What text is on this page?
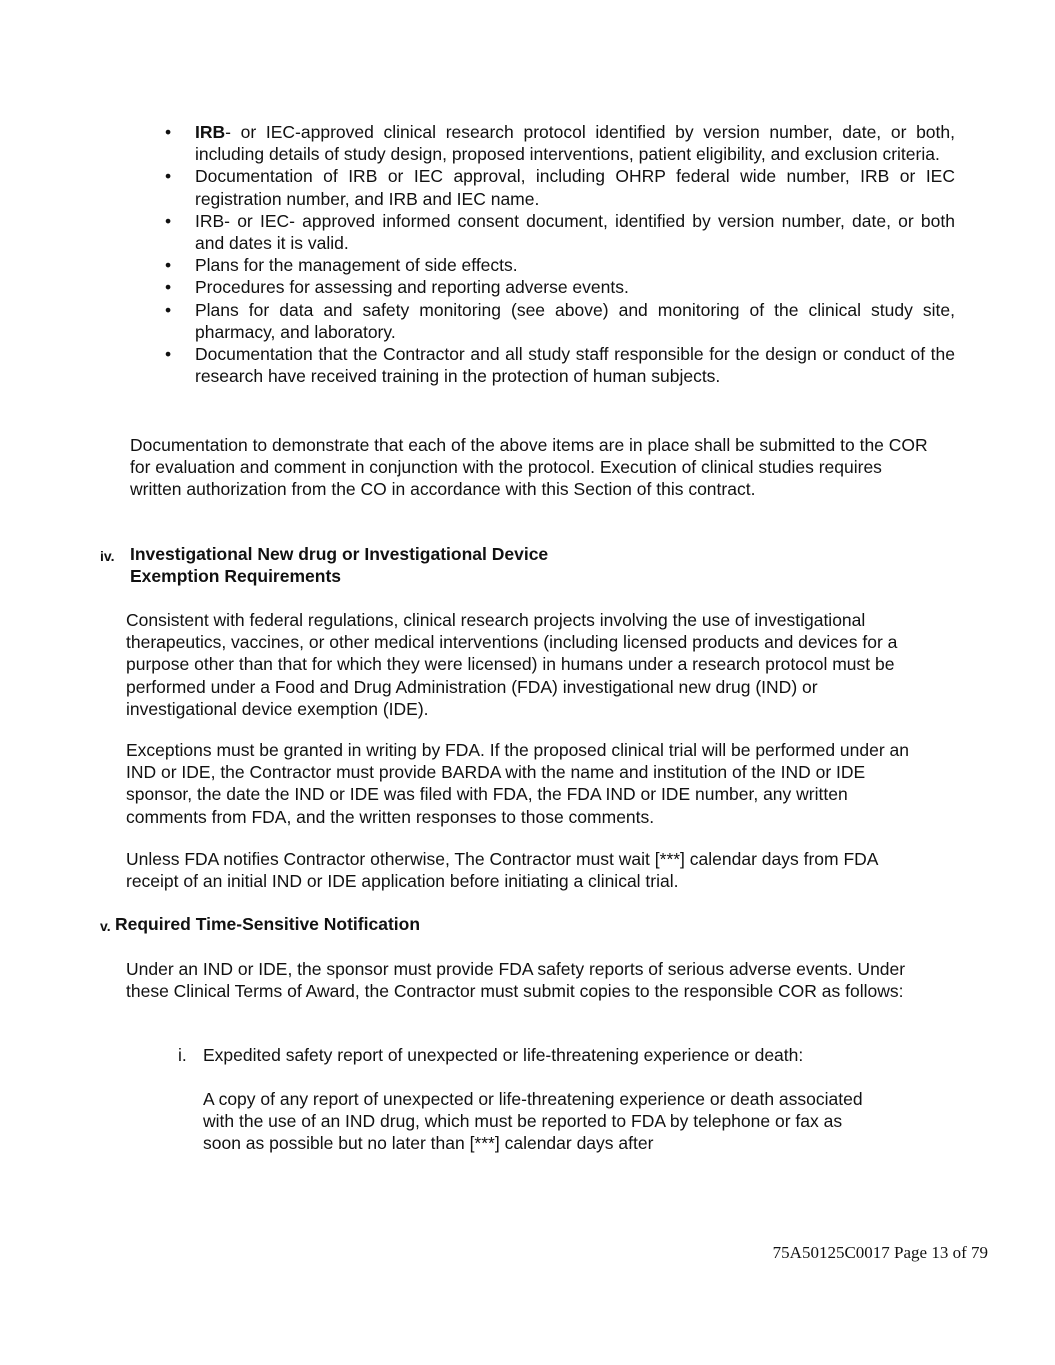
• IRB- or IEC-approved clinical research protocol identified by version number, date, or both, including details of study design, proposed interventions, patient eligibility, and exclusion criteria.
• Documentation of IRB or IEC approval, including OHRP federal wide number, IRB or IEC registration number, and IRB and IEC name.
• IRB- or IEC- approved informed consent document, identified by version number, date, or both and dates it is valid.
• Plans for the management of side effects.
• Procedures for assessing and reporting adverse events.
• Plans for data and safety monitoring (see above) and monitoring of the clinical study site, pharmacy, and laboratory.
• Documentation that the Contractor and all study staff responsible for the design or conduct of the research have received training in the protection of human subjects.

Documentation to demonstrate that each of the above items are in place shall be submitted to the COR for evaluation and comment in conjunction with the protocol. Execution of clinical studies requires written authorization from the CO in accordance with this Section of this contract.

iv. Investigational New drug or Investigational Device
Exemption Requirements

Consistent with federal regulations, clinical research projects involving the use of investigational therapeutics, vaccines, or other medical interventions (including licensed products and devices for a purpose other than that for which they were licensed) in humans under a research protocol must be performed under a Food and Drug Administration (FDA) investigational new drug (IND) or investigational device exemption (IDE).

Exceptions must be granted in writing by FDA. If the proposed clinical trial will be performed under an IND or IDE, the Contractor must provide BARDA with the name and institution of the IND or IDE sponsor, the date the IND or IDE was filed with FDA, the FDA IND or IDE number, any written comments from FDA, and the written responses to those comments.

Unless FDA notifies Contractor otherwise, The Contractor must wait [***] calendar days from FDA receipt of an initial IND or IDE application before initiating a clinical trial.

v. Required Time-Sensitive Notification

Under an IND or IDE, the sponsor must provide FDA safety reports of serious adverse events. Under these Clinical Terms of Award, the Contractor must submit copies to the responsible COR as follows:

i. Expedited safety report of unexpected or life-threatening experience or death:

A copy of any report of unexpected or life-threatening experience or death associated with the use of an IND drug, which must be reported to FDA by telephone or fax as soon as possible but no later than [***] calendar days after

75A50125C0017 Page 13 of 79
